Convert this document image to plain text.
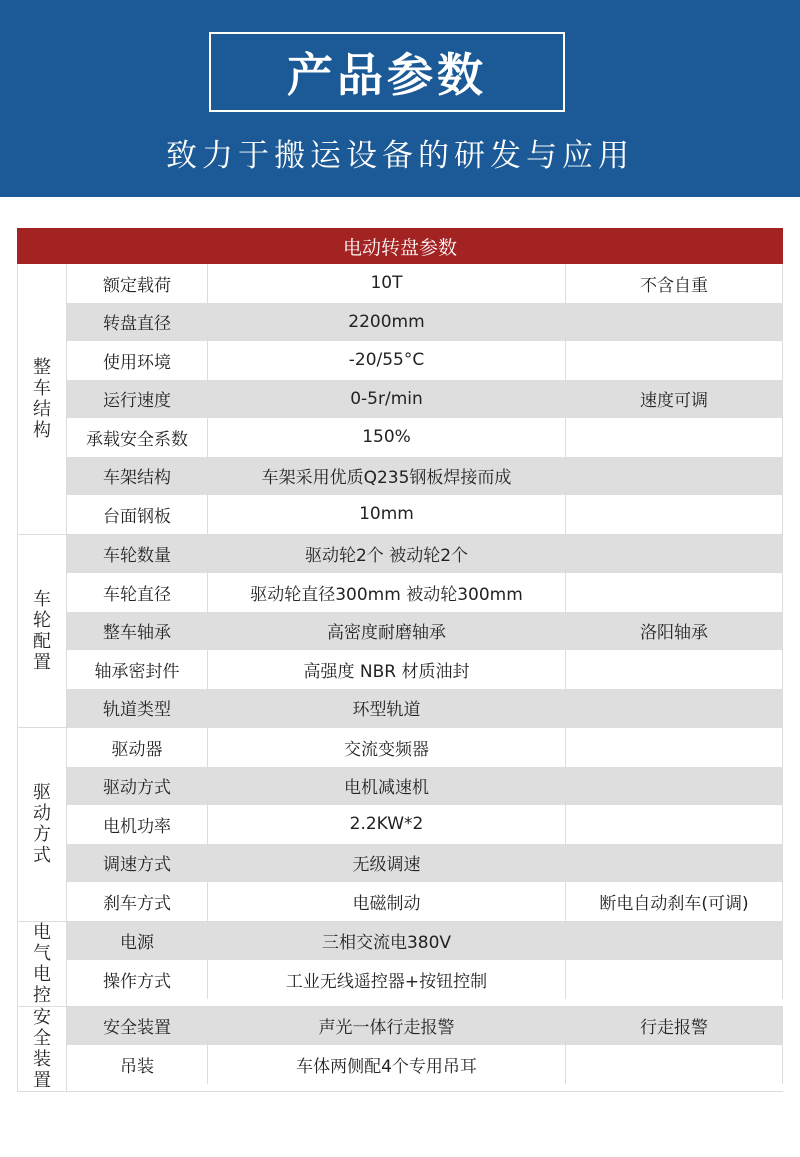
产品参数
致力于搬运设备的研发与应用
电动转盘参数
整车结构
额定载荷	10T	不含自重
转盘直径	2200mm
使用环境	-20/55°C
运行速度	0-5r/min	速度可调
承载安全系数	150%
车架结构	车架采用优质Q235钢板焊接而成
台面钢板	10mm
车轮配置
车轮数量	驱动轮2个 被动轮2个
车轮直径	驱动轮直径300mm 被动轮300mm
整车轴承	高密度耐磨轴承	洛阳轴承
轴承密封件	高强度 NBR 材质油封
轨道类型	环型轨道
驱动方式
驱动器	交流变频器
驱动方式	电机减速机
电机功率	2.2KW*2
调速方式	无级调速
刹车方式	电磁制动	断电自动刹车(可调)
电气电控
电源	三相交流电380V
操作方式	工业无线遥控器+按钮控制
安全装置
安全装置	声光一体行走报警	行走报警
吊装	车体两侧配4个专用吊耳
